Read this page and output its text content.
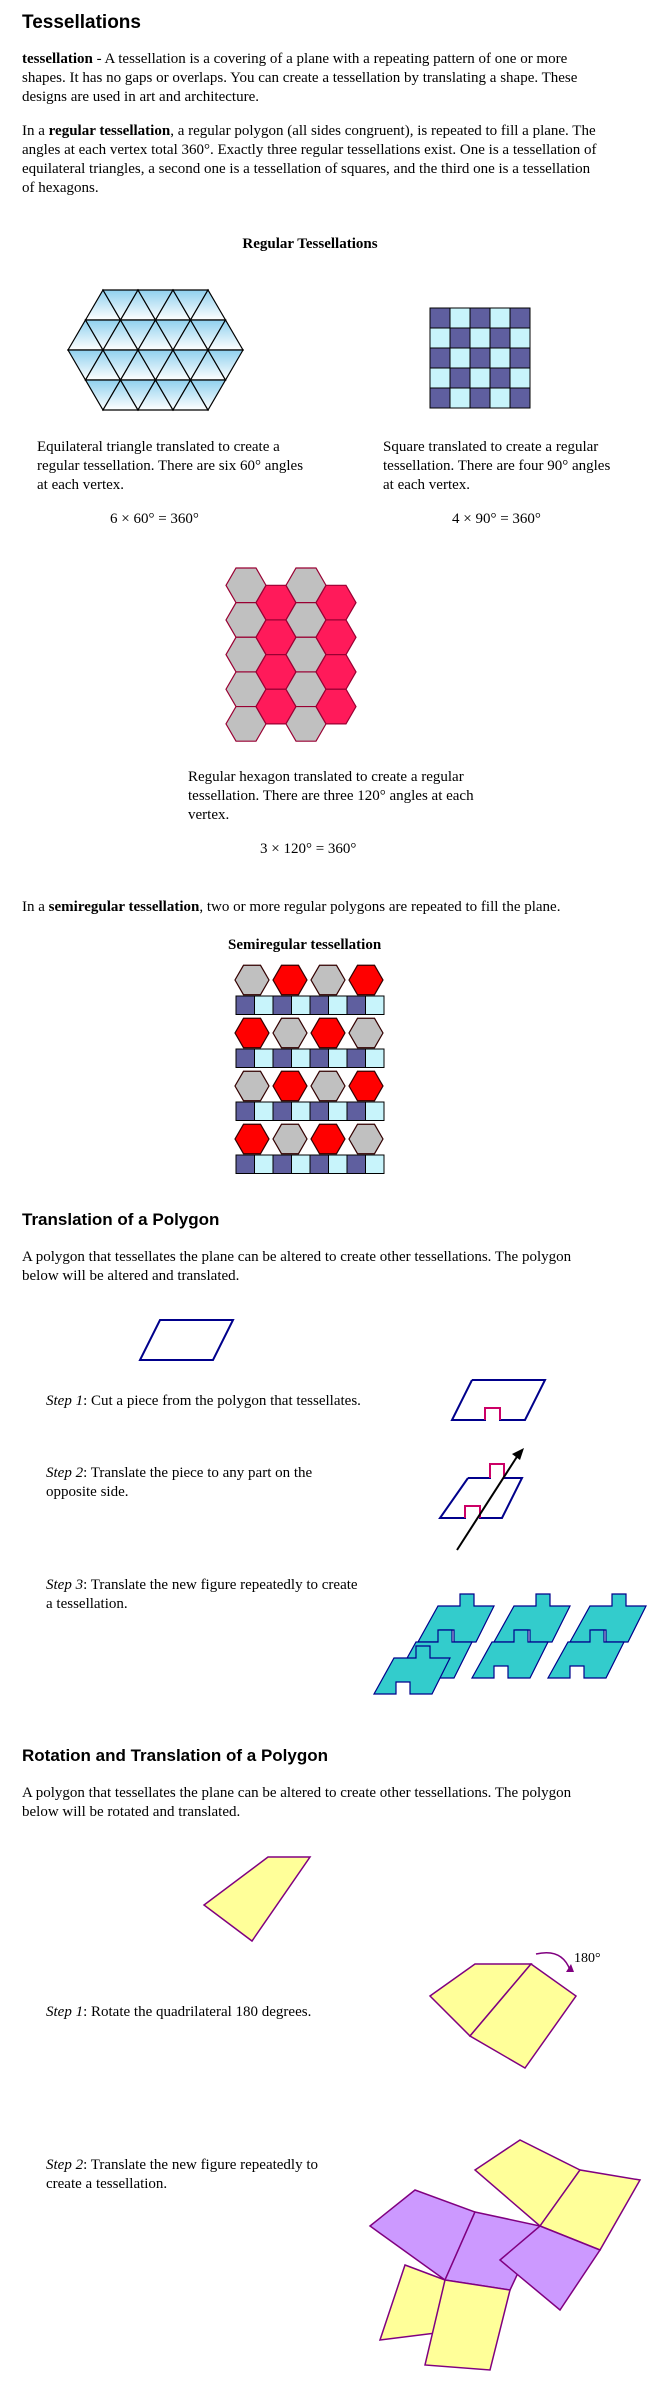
Tessellations

tessellation - A tessellation is a covering of a plane with a repeating pattern of one or more shapes. It has no gaps or overlaps. You can create a tessellation by translating a shape. These designs are used in art and architecture.

In a regular tessellation, a regular polygon (all sides congruent), is repeated to fill a plane. The angles at each vertex total 360°. Exactly three regular tessellations exist. One is a tessellation of equilateral triangles, a second one is a tessellation of squares, and the third one is a tessellation of hexagons.

Regular Tessellations

Equilateral triangle translated to create a regular tessellation. There are six 60° angles at each vertex.

6 × 60° = 360°

Square translated to create a regular tessellation. There are four 90° angles at each vertex.

4 × 90° = 360°

Regular hexagon translated to create a regular tessellation. There are three 120° angles at each vertex.

3 × 120° = 360°

In a semiregular tessellation, two or more regular polygons are repeated to fill the plane.

Semiregular tessellation
Translation of a Polygon

A polygon that tessellates the plane can be altered to create other tessellations. The polygon below will be altered and translated.

Step 1: Cut a piece from the polygon that tessellates.
Step 2: Translate the piece to any part on the opposite side.
Step 3: Translate the new figure repeatedly to create a tessellation.
Rotation and Translation of a Polygon

A polygon that tessellates the plane can be altered to create other tessellations. The polygon below will be rotated and translated.

Step 1: Rotate the quadrilateral 180 degrees.
180°
Step 2: Translate the new figure repeatedly to create a tessellation.
